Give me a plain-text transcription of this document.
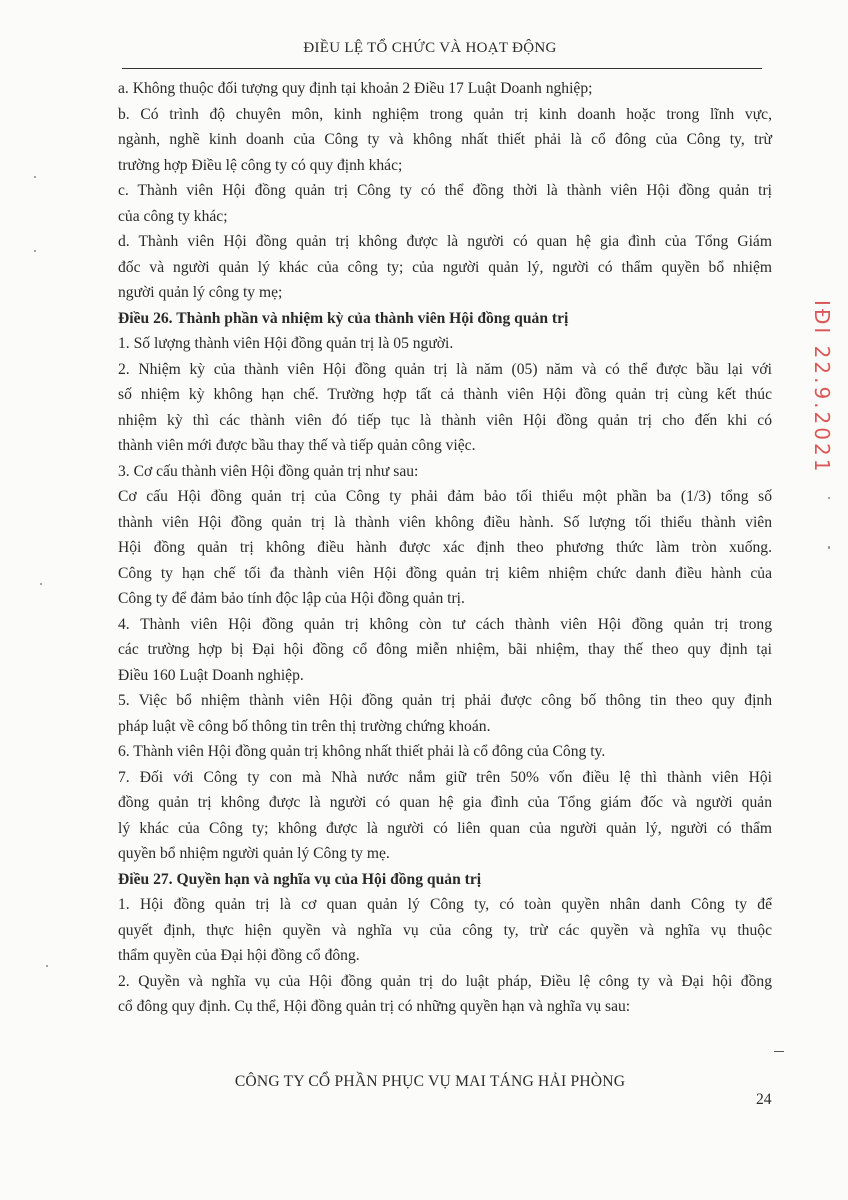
ĐIỀU LỆ TỔ CHỨC VÀ HOẠT ĐỘNG
a. Không thuộc đối tượng quy định tại khoản 2 Điều 17 Luật Doanh nghiệp;
b. Có trình độ chuyên môn, kinh nghiệm trong quản trị kinh doanh hoặc trong lĩnh vực,
ngành, nghề kinh doanh của Công ty và không nhất thiết phải là cổ đông của Công ty, trừ
trường hợp Điều lệ công ty có quy định khác;
c. Thành viên Hội đồng quản trị Công ty có thể đồng thời là thành viên Hội đồng quản trị
của công ty khác;
d. Thành viên Hội đồng quản trị không được là người có quan hệ gia đình của Tổng Giám
đốc và người quản lý khác của công ty; của người quản lý, người có thẩm quyền bổ nhiệm
người quản lý công ty mẹ;
Điều 26. Thành phần và nhiệm kỳ của thành viên Hội đồng quản trị
1. Số lượng thành viên Hội đồng quản trị là 05 người.
2. Nhiệm kỳ của thành viên Hội đồng quản trị là năm (05) năm và có thể được bầu lại với
số nhiệm kỳ không hạn chế. Trường hợp tất cả thành viên Hội đồng quản trị cùng kết thúc
nhiệm kỳ thì các thành viên đó tiếp tục là thành viên Hội đồng quản trị cho đến khi có
thành viên mới được bầu thay thế và tiếp quản công việc.
3. Cơ cấu thành viên Hội đồng quản trị như sau:
Cơ cấu Hội đồng quản trị của Công ty phải đảm bảo tối thiểu một phần ba (1/3) tổng số
thành viên Hội đồng quản trị là thành viên không điều hành. Số lượng tối thiểu thành viên
Hội đồng quản trị không điều hành được xác định theo phương thức làm tròn xuống.
Công ty hạn chế tối đa thành viên Hội đồng quản trị kiêm nhiệm chức danh điều hành của
Công ty để đảm bảo tính độc lập của Hội đồng quản trị.
4. Thành viên Hội đồng quản trị không còn tư cách thành viên Hội đồng quản trị trong
các trường hợp bị Đại hội đồng cổ đông miễn nhiệm, bãi nhiệm, thay thế theo quy định tại
Điều 160 Luật Doanh nghiệp.
5. Việc bổ nhiệm thành viên Hội đồng quản trị phải được công bố thông tin theo quy định
pháp luật về công bố thông tin trên thị trường chứng khoán.
6. Thành viên Hội đồng quản trị không nhất thiết phải là cổ đông của Công ty.
7. Đối với Công ty con mà Nhà nước nắm giữ trên 50% vốn điều lệ thì thành viên Hội
đồng quản trị không được là người có quan hệ gia đình của Tổng giám đốc và người quản
lý khác của Công ty; không được là người có liên quan của người quản lý, người có thẩm
quyền bổ nhiệm người quản lý Công ty mẹ.
Điều 27. Quyền hạn và nghĩa vụ của Hội đồng quản trị
1. Hội đồng quản trị là cơ quan quản lý Công ty, có toàn quyền nhân danh Công ty để
quyết định, thực hiện quyền và nghĩa vụ của công ty, trừ các quyền và nghĩa vụ thuộc
thẩm quyền của Đại hội đồng cổ đông.
2. Quyền và nghĩa vụ của Hội đồng quản trị do luật pháp, Điều lệ công ty và Đại hội đồng
cổ đông quy định. Cụ thể, Hội đồng quản trị có những quyền hạn và nghĩa vụ sau:
CÔNG TY CỔ PHẦN PHỤC VỤ MAI TÁNG HẢI PHÒNG
24
IĐI 22.9.2021
